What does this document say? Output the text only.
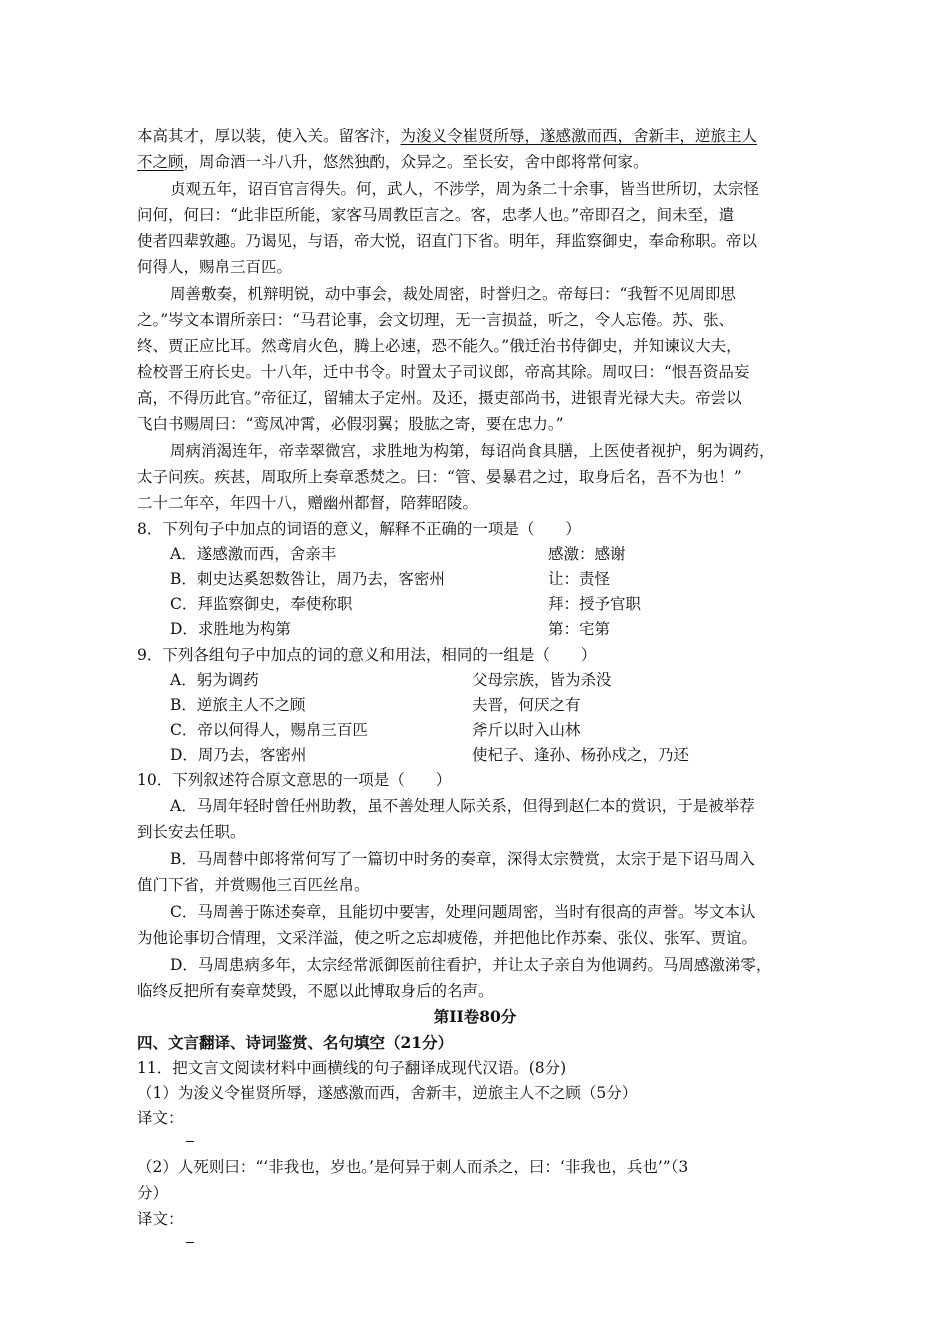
本高其才，厚以装，使入关。留客汴，为浚义令崔贤所辱，遂感激而西，舍新丰，逆旅主人
不之顾，周命酒一斗八升，悠然独酌，众异之。至长安，舍中郎将常何家。
贞观五年，诏百官言得失。何，武人，不涉学，周为条二十余事，皆当世所切，太宗怪
问何，何曰：“此非臣所能，家客马周教臣言之。客，忠孝人也。”帝即召之，间未至，遣
使者四辈敦趣。乃谒见，与语，帝大悦，诏直门下省。明年，拜监察御史，奉命称职。帝以
何得人，赐帛三百匹。
周善敷奏，机辩明锐，动中事会，裁处周密，时誉归之。帝每曰：“我暂不见周即思
之。”岑文本谓所亲曰：“马君论事，会文切理，无一言损益，听之，令人忘倦。苏、张、
终、贾正应比耳。然鸢肩火色，腾上必速，恐不能久。”俄迁治书侍御史，并知谏议大夫，
检校晋王府长史。十八年，迁中书令。时置太子司议郎，帝高其除。周叹曰：“恨吾资品妄
高，不得历此官。”帝征辽，留辅太子定州。及还，摄吏部尚书，进银青光禄大夫。帝尝以
飞白书赐周曰：“鸾凤冲霄，必假羽翼；股肱之寄，要在忠力。”
周病消渴连年，帝幸翠微宫，求胜地为构第，每诏尚食具膳，上医使者视护，躬为调药，
太子问疾。疾甚，周取所上奏章悉焚之。曰：“管、晏暴君之过，取身后名，吾不为也！”
二十二年卒，年四十八，赠幽州都督，陪葬昭陵。
8．下列句子中加点的词语的意义，解释不正确的一项是（　　）
A．遂感激而西，舍亲丰	感激：感谢
B．刺史达奚恕数咎让，周乃去，客密州	让：责怪
C．拜监察御史，奉使称职	拜：授予官职
D．求胜地为构第	第：宅第
9．下列各组句子中加点的词的意义和用法，相同的一组是（　　）
A．躬为调药	父母宗族，皆为杀没
B．逆旅主人不之顾	夫晋，何厌之有
C．帝以何得人，赐帛三百匹	斧斤以时入山林
D．周乃去，客密州	使杞子、逢孙、杨孙戍之，乃还
10．下列叙述符合原文意思的一项是（　　）
A．马周年轻时曾任州助教，虽不善处理人际关系，但得到赵仁本的赏识，于是被举荐
到长安去任职。
B．马周替中郎将常何写了一篇切中时务的奏章，深得太宗赞赏，太宗于是下诏马周入
值门下省，并赏赐他三百匹丝帛。
C．马周善于陈述奏章，且能切中要害，处理问题周密，当时有很高的声誉。岑文本认
为他论事切合情理，文采洋溢，使之听之忘却疲倦，并把他比作苏秦、张仪、张军、贾谊。
D．马周患病多年，太宗经常派御医前往看护，并让太子亲自为他调药。马周感激涕零，
临终反把所有奏章焚毁，不愿以此博取身后的名声。
第II卷80分
四、文言翻译、诗词鉴赏、名句填空（21分）
11．把文言文阅读材料中画横线的句子翻译成现代汉语。(8分)
（1）为浚义令崔贤所辱，遂感激而西，舍新丰，逆旅主人不之顾（5分）
译文：
（2）人死则曰：“‘非我也，岁也。’是何异于刺人而杀之，曰：‘非我也，兵也’”（3
分）
译文：
